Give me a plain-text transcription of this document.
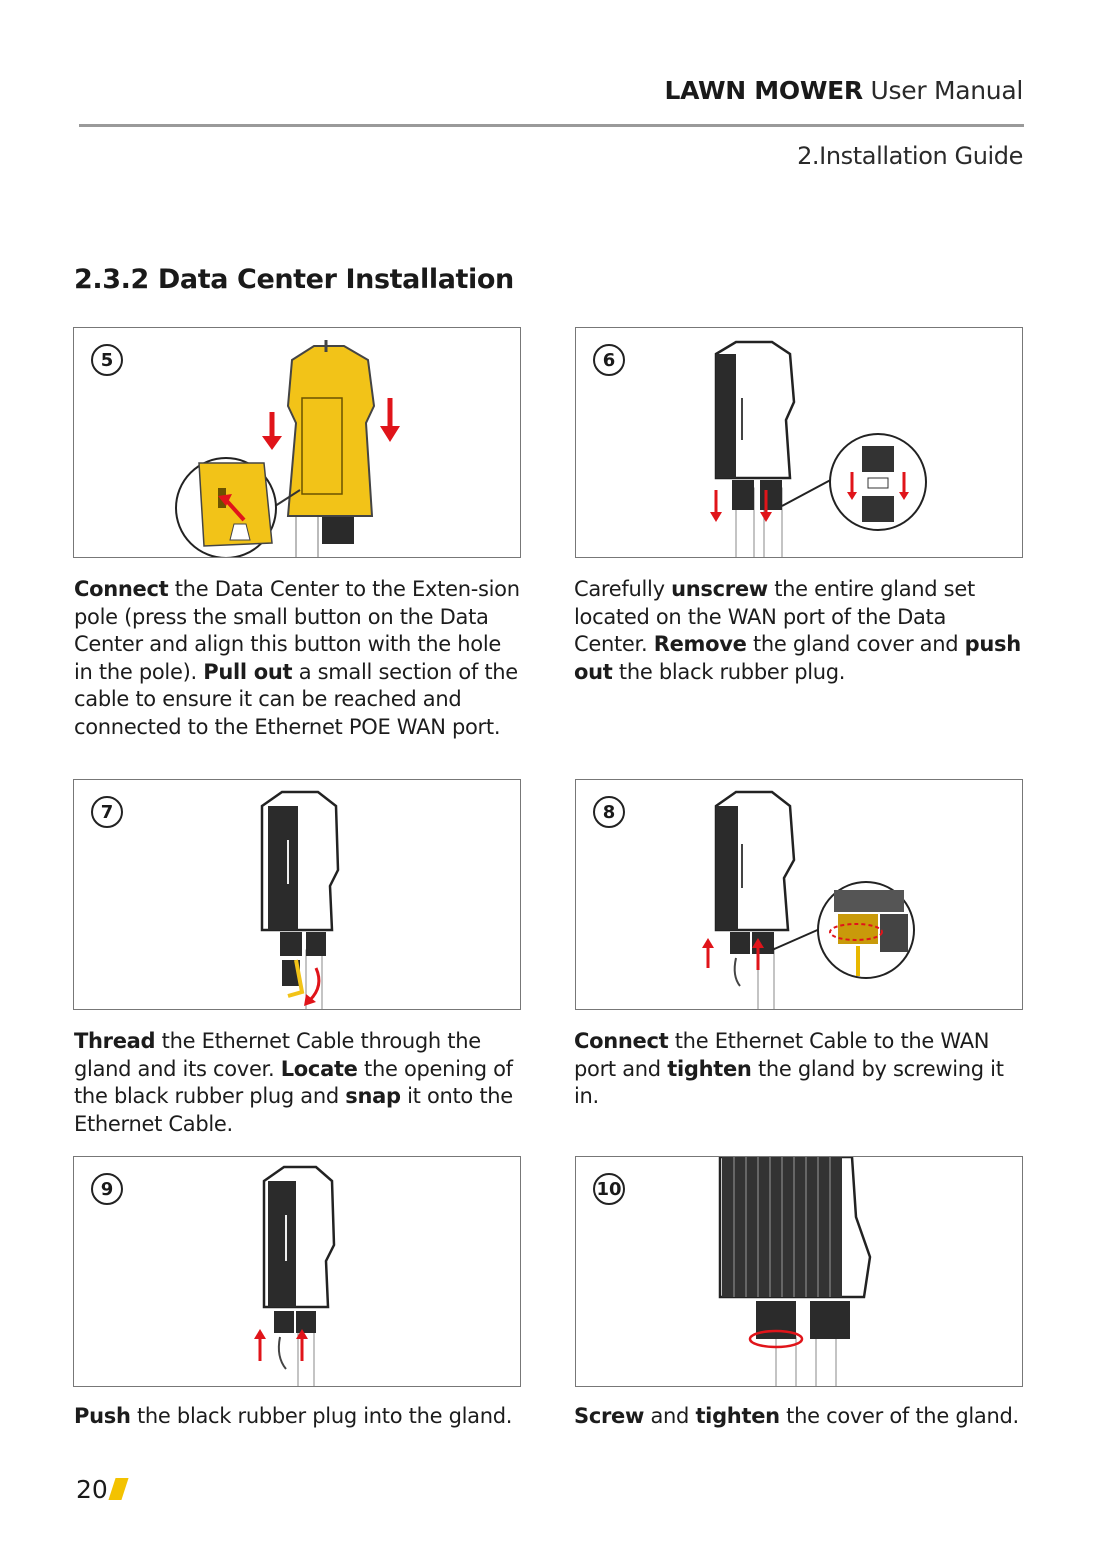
LAWN MOWER User Manual
2.Installation Guide
2.3.2 Data Center Installation
5
Connect the Data Center to the Exten-sion pole (press the small button on the Data Center and align this button with the hole in the pole). Pull out a small section of the cable to ensure it can be reached and connected to the Ethernet POE WAN port.
6
Carefully unscrew the entire gland set located on the WAN port of the Data Center. Remove the gland cover and push out the black rubber plug.
7
Thread the Ethernet Cable through the gland and its cover. Locate the opening of the black rubber plug and snap it onto the Ethernet Cable.
8
Connect the Ethernet Cable to the WAN port and tighten the gland by screwing it in.
9
Push the black rubber plug into the gland.
10
Screw and tighten the cover of the gland.
20
